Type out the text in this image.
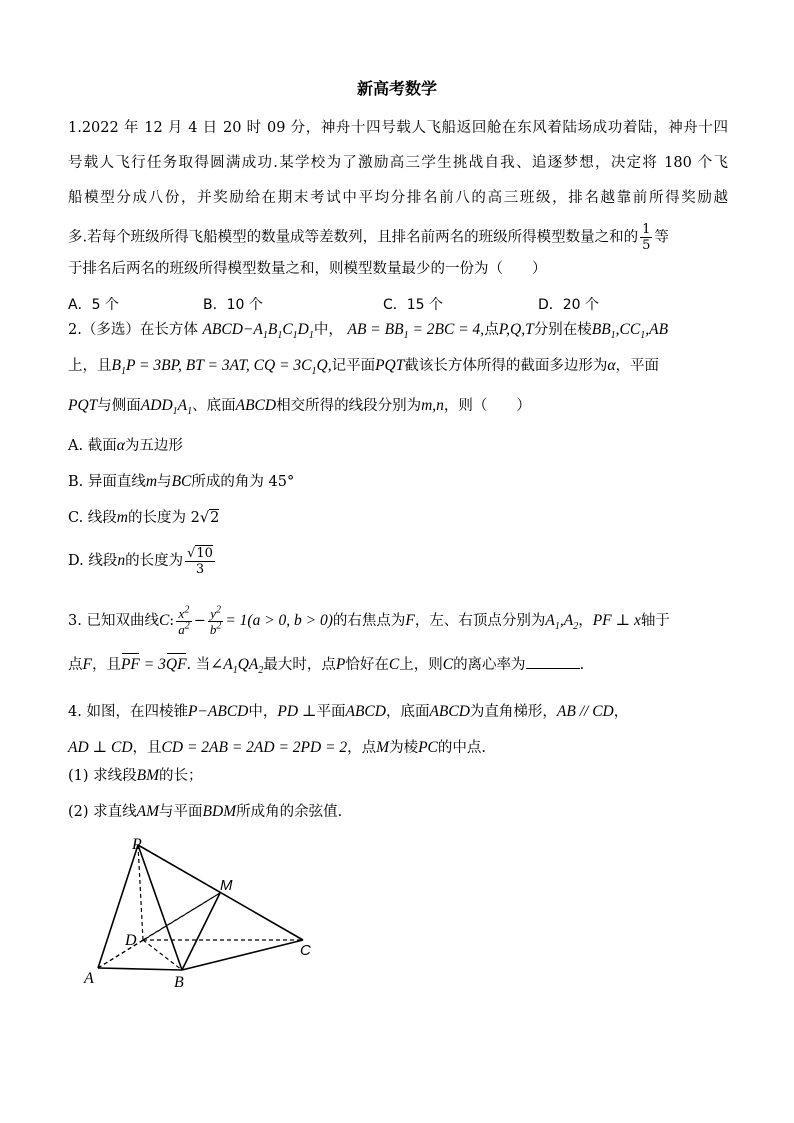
新高考数学
1.2022 年 12 月 4 日 20 时 09 分，神舟十四号载人飞船返回舱在东风着陆场成功着陆，神舟十四
号载人飞行任务取得圆满成功.某学校为了激励高三学生挑战自我、追逐梦想，决定将 180 个飞
船模型分成八份，并奖励给在期末考试中平均分排名前八的高三班级，排名越靠前所得奖励越
多.若每个班级所得飞船模型的数量成等差数列，且排名前两名的班级所得模型数量之和的 $\frac{1}{5}$ 等
于排名后两名的班级所得模型数量之和，则模型数量最少的一份为（　　）
A．5 个	B．10 个	C．15 个	D．20 个
2.（多选）在长方体 $ABCD-A_1B_1C_1D_1$中， AB = $BB_1 = 2BC = 4$,点P,Q,T分别在棱$BB_1,CC_1,AB$
上，且$B_1P = 3BP$, BT = 3AT, CQ = $3C_1Q$,记平面PQT截该长方体所得的截面多边形为α，平面
PQT与侧面$ADD_1A_1$、底面ABCD相交所得的线段分别为m,n，则（　　）
A. 截面α为五边形
B. 异面直线m与BC所成的角为 45°
C. 线段m的长度为 2√2
D. 线段n的长度为 $\frac{√10}{3}$
3. 已知双曲线C: $\frac{x^2}{a^2} - \frac{y^2}{b^2} = 1(a > 0$, b > 0)的右焦点为F，左、右顶点分别为$A_1,A_2$，PF ⊥ x轴于
点F，且PF = 3QF. 当$\angle A_1QA_2$最大时，点P恰好在C上，则C的离心率为	.
4. 如图，在四棱锥P−ABCD中，PD ⊥平面ABCD，底面ABCD为直角梯形，AB // CD，
AD ⊥ CD，且CD = 2AB = 2AD = 2PD = 2，点M为棱PC的中点.
(1) 求线段BM的长；
(2) 求直线AM与平面BDM所成角的余弦值.
P
M
D
C
A	B
